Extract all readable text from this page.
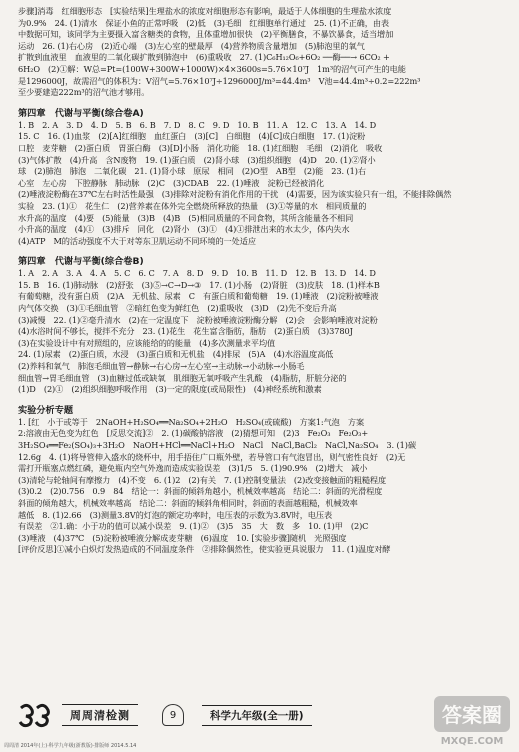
步骤]消毒　红细胞形态　[实验结果]生理盐水的浓度对细胞形态有影响，最适于人体细胞的生理盐水浓度
为0.9%　24. (1)清水　保证小鱼的正常呼吸　(2)低　(3)毛细　红细胞单行通过　25. (1)不正确，由表
中数据可知，该同学为主要摄入富含糖类的食物，且体重增加很快　(2)平衡膳食，不暴饮暴食，适当增加
运动　26. (1)右心房　(2)近心端　(3)左心室的壁最厚　(4)营养物质含量增加　(5)肺泡里的氧气
扩散到血液里　血液里的二氧化碳扩散到肺泡中　(6)重吸收　27. (1)C₆H₁₂O₆+6O₂ ──酶──→ 6CO₂ +
6H₂O　(2)①解：W总=Pt=(100W+300W+1000W)×4×3600s=5.76×10⁷J　1m³的沼气可产生的电能
是1296000J，故需沼气的体积为：V沼气=5.76×10⁷J÷1296000J/m³=44.4m³　V池=44.4m³÷0.2=222m³
至少要建造222m³的沼气池才够用。
第四章　代谢与平衡(综合卷A)
1. B　2. A　3. D　4. D　5. B　6. B　7. D　8. C　9. D　10. B　11. A　12. C　13. A　14. D
15. C　16. (1)血浆　(2)[A]红细胞　血红蛋白　(3)[C]　白细胞　(4)[C]成白细胞　17. (1)淀粉
口腔　麦芽糖　(2)蛋白质　胃蛋白酶　(3)[D]小肠　消化功能　18. (1)红细胞　毛细　(2)消化　吸收
(3)气体扩散　(4)升高　含N废物　19. (1)蛋白质　(2)肾小球　(3)组织细胞　(4)D　20. (1)②肾小
球　(2)肺泡　肺泡　二氧化碳　21. (1)肾小球　原尿　相同　(2)O型　AB型　(2)能　23. (1)右
心室　左心房　下腔静脉　肺动脉　(2)C　(3)CDAB　22. (1)唾液　淀粉已经被消化
(2)唾液淀粉酶在37℃左右时活性最强　(3)排除对淀粉有消化作用的干扰　(4)需要，因为该实验只有一组，不能排除偶然
实验　23. (1)①　花生仁　(2)营养素在体外完全燃烧所释放的热量　(3)①等量的水　相同质量的
水升高的温度　(4)要　(5)能量　(3)B　(4)B　(5)相同质量的不同食物，其所含能量各不相同
小升高的温度　(4)①　(3)排斥　同化　(2)肾小　(3)①　(4)①排泄出来的水太少，体内失水
(4)ATP　M的活动强度不大于对等东卫肌运动不同环境的一处适应
第四章　代谢与平衡(综合卷B)
1. A　2. A　3. A　4. A　5. C　6. C　7. A　8. D　9. D　10. B　11. D　12. B　13. D　14. D
15. B　16. (1)肺动脉　(2)舒张　(3)⑤→C→D→③　17. (1)小肠　(2)肾脏　(3)皮肤　18. (1)样本B
有葡萄糖，没有蛋白质　(2)A　无机盐、尿素　C　有蛋白质和葡萄糖　19. (1)唾液　(2)淀粉被唾液
内气体交换　(3)①毛细血管　②暗红色变为鲜红色　(2)重吸收　(3)D　(2)先不变后升高
(3)减慢　22. (1)②毫升清水　(2)在一定温度下　淀粉被唾液淀粉酶分解　(2)会　会影响唾液对淀粉
(4)水浴时间不够长，搅拌不充分　23. (1)花生　花生富含脂肪，脂肪　(2)蛋白质　(3)3780J
(3)在实验设计中有对照组的，应该能给的的能量　(4)多次测量求平均值
24. (1)尿素　(2)蛋白质，水浸　(3)蛋白质和无机盐　(4)排尿　(5)A　(4)水浴温度高低
(2)养料和氧气　肺泡毛细血管→静脉→右心房→左心室→主动脉→小动脉→小肠毛
细血管→胃毛细血管　(3)血糖过低或缺氧　肌细胞无氧呼吸产生乳酸　(4)脂肪，肝脏分泌的
(1)D　(2)①　(2)组织细胞呼吸作用　(3)一定的限度(或局限性)　(4)神经系统和激素
实验分析专题
1. [红　小于或等于　2NaOH+H₂SO₄══Na₂SO₄+2H₂O　H₂SO₄(或硫酸)　方案1:气泡　方案
2:溶液由无色变为红色　[反思交流]②　2. (1)碳酸钠溶液　(2)猜想可知　(2)3　Fe₂O₃　Fe₂O₃+
3H₂SO₄══Fe₂(SO₄)₃+3H₂O　NaOH+HCl══NaCl+H₂O　NaCl　NaCl,BaCl₂　NaCl,Na₂SO₄　3. (1)碳
12.6g　4. (1)将导管伸入盛水的烧杯中，用手捂住广口瓶外壁，若导管口有气泡冒出，则气密性良好　(2)无
需打开瓶塞点燃红磷，避免瓶内空气外逸而造成实验误差　(3)1/5　5. (1)90.9%　(2)增大　减小
(3)清轮与轮轴间有摩擦力　(4)不变　6. (1)2　(2)有关　7. (1)控制变量法　(2)改变接触面的粗糙程度
(3)0.2　(2)0.756　0.9　84　结论一：斜面的倾斜角越小，机械效率越高　结论二：斜面的光滑程度
斜面的倾角越大，机械效率越高　结论二：斜面的倾斜角相同时，斜面的表面越粗糙，机械效率
越低　8. (1)2.66　(3)测量3.8V的灯泡的额定功率时，电压表的示数为3.8V时，电压表
有误差　②1.确：小于功的值可以减小误差　9. (1)②　(3)5　35　大　数　多　10. (1)甲　(2)C
(3)唾液　(4)37℃　(5)淀粉被唾液分解成麦芽糖　(6)温度　10. [实验步骤]随机　光照强度
[评价反思]①减小白炽灯发热造成的不同温度条件　②排除偶然性，使实验更具说服力　11. (1)温度对酵
周周清检测	9	科学九年级(全一册)	答案圈
MXQE.COM
周周清 2014年(上)·科学九年级(浙教版)·排版师 2014.5.14
